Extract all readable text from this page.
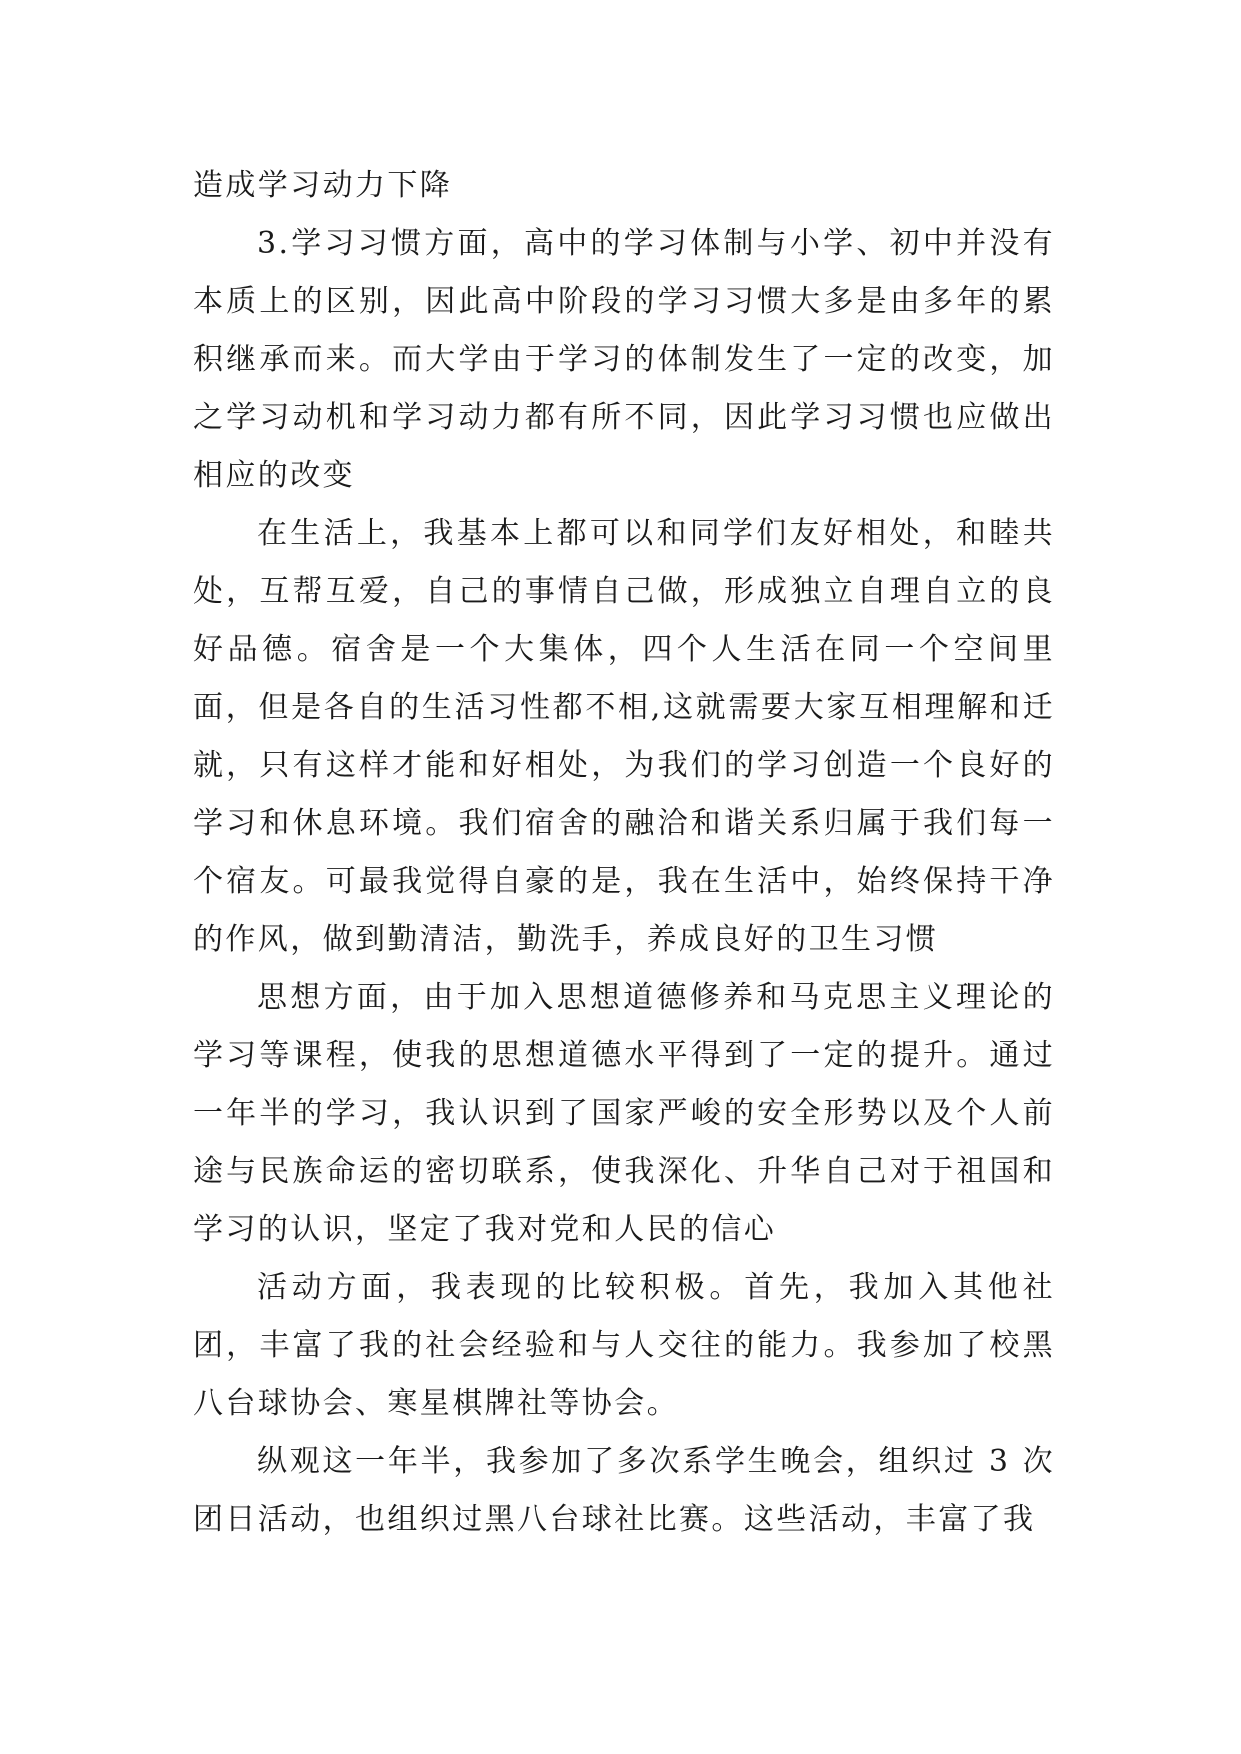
造成学习动力下降

3.学习习惯方面，高中的学习体制与小学、初中并没有本质上的区别，因此高中阶段的学习习惯大多是由多年的累积继承而来。而大学由于学习的体制发生了一定的改变，加之学习动机和学习动力都有所不同，因此学习习惯也应做出相应的改变

在生活上，我基本上都可以和同学们友好相处，和睦共处，互帮互爱，自己的事情自己做，形成独立自理自立的良好品德。宿舍是一个大集体，四个人生活在同一个空间里面，但是各自的生活习性都不相,这就需要大家互相理解和迁就，只有这样才能和好相处，为我们的学习创造一个良好的学习和休息环境。我们宿舍的融洽和谐关系归属于我们每一个宿友。可最我觉得自豪的是，我在生活中，始终保持干净的作风，做到勤清洁，勤洗手，养成良好的卫生习惯

思想方面，由于加入思想道德修养和马克思主义理论的学习等课程，使我的思想道德水平得到了一定的提升。通过一年半的学习，我认识到了国家严峻的安全形势以及个人前途与民族命运的密切联系，使我深化、升华自己对于祖国和学习的认识，坚定了我对党和人民的信心

活动方面，我表现的比较积极。首先，我加入其他社团，丰富了我的社会经验和与人交往的能力。我参加了校黑八台球协会、寒星棋牌社等协会。

纵观这一年半，我参加了多次系学生晚会，组织过 3 次团日活动，也组织过黑八台球社比赛。这些活动，丰富了我
